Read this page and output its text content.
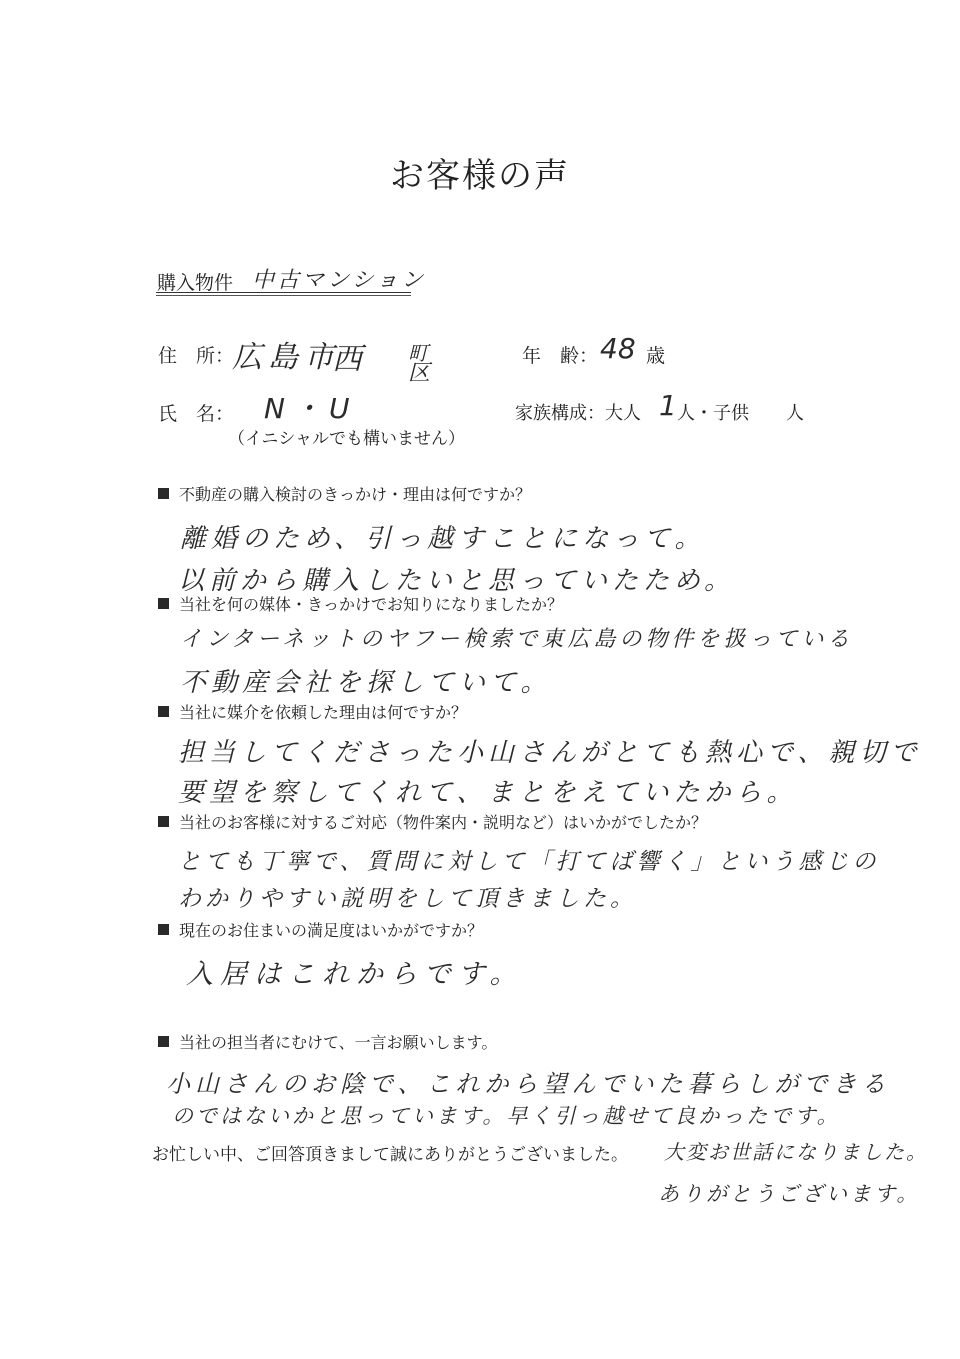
お客様の声
購入物件 中古マンション
住　所：
広島市
西 町
区
年　齢： 48 歳
氏　名： N・U
（イニシャルでも構いません）
家族構成：大人 1 人・子供 人
不動産の購入検討のきっかけ・理由は何ですか？
離婚のため、引っ越すことになって。
以前から購入したいと思っていたため。
当社を何の媒体・きっかけでお知りになりましたか？
インターネットのヤフー検索で東広島の物件を扱っている
不動産会社を探していて。
当社に媒介を依頼した理由は何ですか？
担当してくださった小山さんがとても熱心で、親切で
要望を察してくれて、まとをえていたから。
当社のお客様に対するご対応（物件案内・説明など）はいかがでしたか？
とても丁寧で、質問に対して「打てば響く」という感じの
わかりやすい説明をして頂きました。
現在のお住まいの満足度はいかがですか？
入居はこれからです。
当社の担当者にむけて、一言お願いします。
小山さんのお陰で、これから望んでいた暮らしができる
のではないかと思っています。早く引っ越せて良かったです。
お忙しい中、ご回答頂きまして誠にありがとうございました。 大変お世話になりました。
ありがとうございます。
